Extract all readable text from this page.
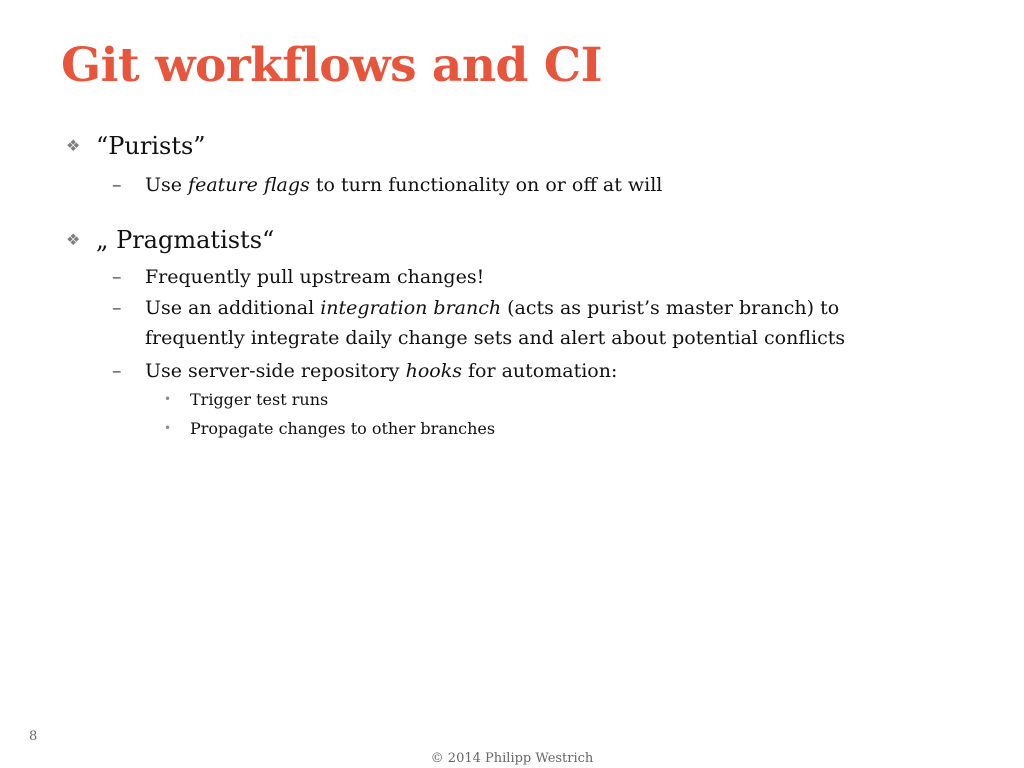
Git workflows and CI
❖ “Purists”
– Use feature flags to turn functionality on or off at will
❖ „ Pragmatists“
– Frequently pull upstream changes!
– Use an additional integration branch (acts as purist’s master branch) to frequently integrate daily change sets and alert about potential conflicts
– Use server-side repository hooks for automation:
• Trigger test runs
• Propagate changes to other branches
8
© 2014 Philipp Westrich
